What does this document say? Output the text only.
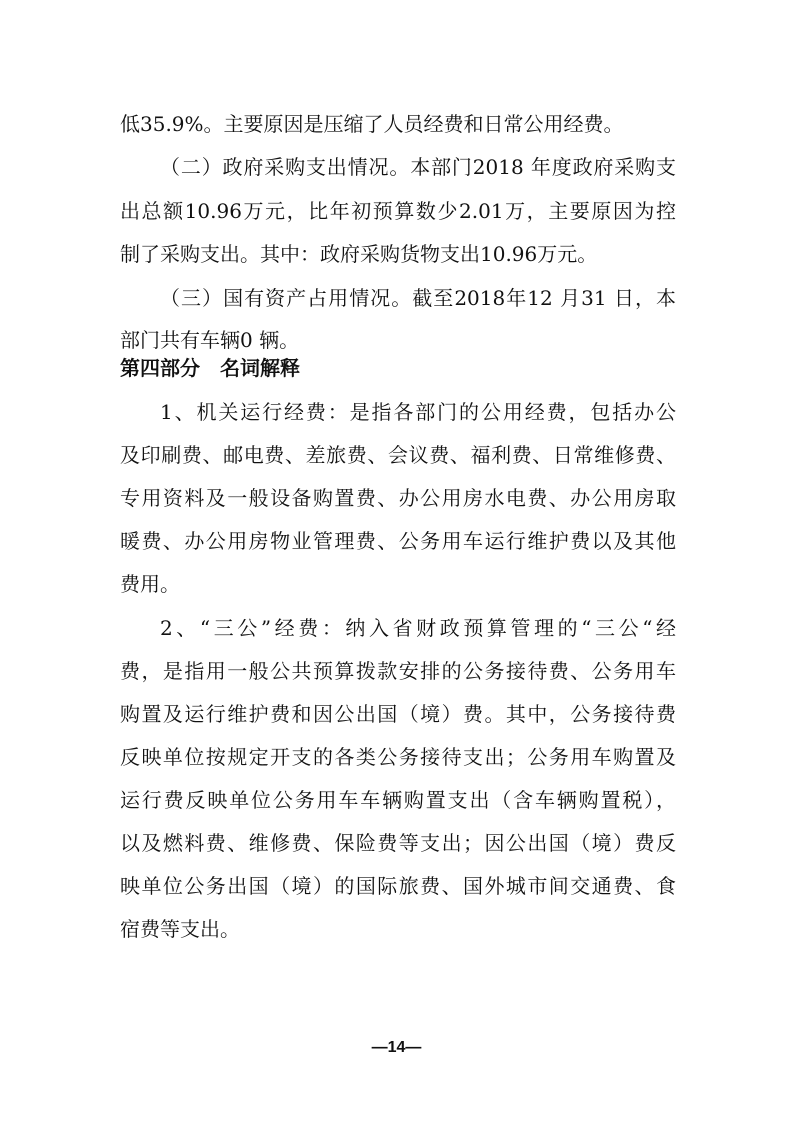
低35.9%。主要原因是压缩了人员经费和日常公用经费。
（二）政府采购支出情况。本部门2018 年度政府采购支
出总额10.96万元，比年初预算数少2.01万，主要原因为控
制了采购支出。其中：政府采购货物支出10.96万元。
（三）国有资产占用情况。截至2018年12 月31 日，本
部门共有车辆0 辆。
第四部分　名词解释
1、机关运行经费：是指各部门的公用经费，包括办公
及印刷费、邮电费、差旅费、会议费、福利费、日常维修费、
专用资料及一般设备购置费、办公用房水电费、办公用房取
暖费、办公用房物业管理费、公务用车运行维护费以及其他
费用。
2、“三公”经费：纳入省财政预算管理的“三公“经
费，是指用一般公共预算拨款安排的公务接待费、公务用车
购置及运行维护费和因公出国（境）费。其中，公务接待费
反映单位按规定开支的各类公务接待支出；公务用车购置及
运行费反映单位公务用车车辆购置支出（含车辆购置税），
以及燃料费、维修费、保险费等支出；因公出国（境）费反
映单位公务出国（境）的国际旅费、国外城市间交通费、食
宿费等支出。
—14—
